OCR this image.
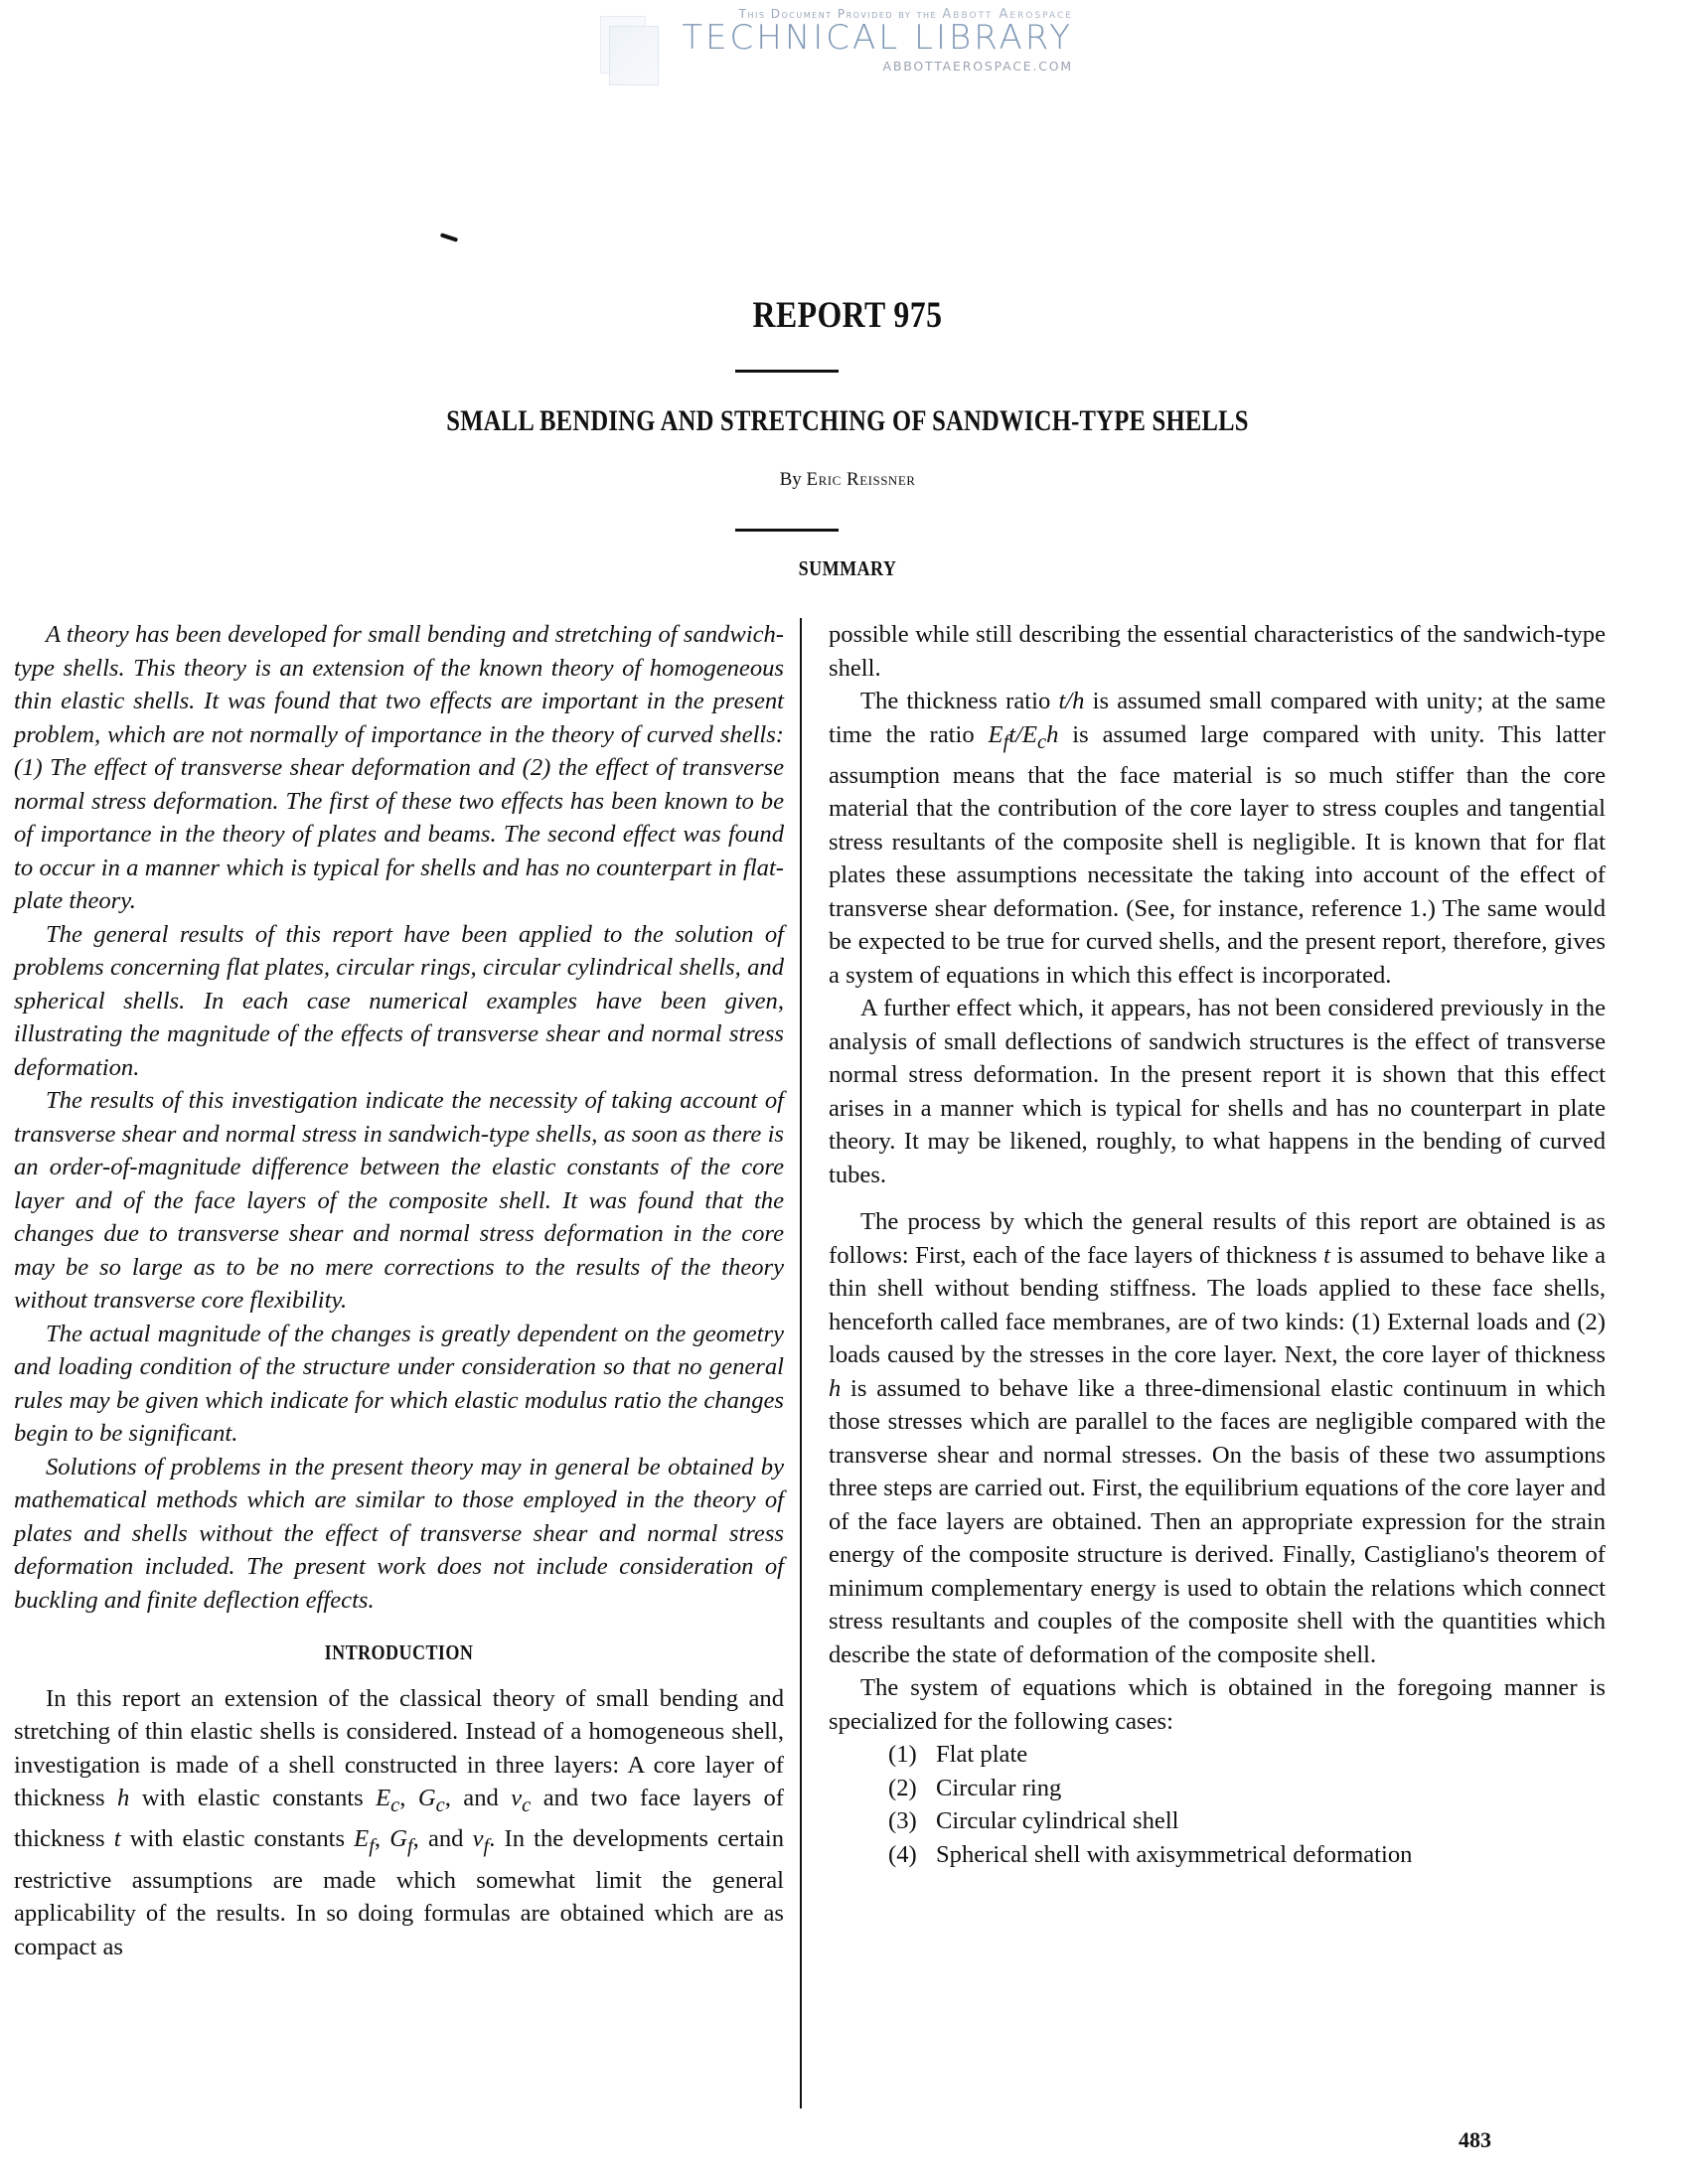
This Document Provided by the Abbott Aerospace
TECHNICAL LIBRARY
ABBOTTAEROSPACE.COM
REPORT 975
SMALL BENDING AND STRETCHING OF SANDWICH-TYPE SHELLS
By Eric Reissner
SUMMARY

A theory has been developed for small bending and stretching of sandwich-type shells. This theory is an extension of the known theory of homogeneous thin elastic shells. It was found that two effects are important in the present problem, which are not normally of importance in the theory of curved shells: (1) The effect of transverse shear deformation and (2) the effect of transverse normal stress deformation. The first of these two effects has been known to be of importance in the theory of plates and beams. The second effect was found to occur in a manner which is typical for shells and has no counterpart in flat-plate theory.

The general results of this report have been applied to the solution of problems concerning flat plates, circular rings, circular cylindrical shells, and spherical shells. In each case numerical examples have been given, illustrating the magnitude of the effects of transverse shear and normal stress deformation.

The results of this investigation indicate the necessity of taking account of transverse shear and normal stress in sandwich-type shells, as soon as there is an order-of-magnitude difference between the elastic constants of the core layer and of the face layers of the composite shell. It was found that the changes due to transverse shear and normal stress deformation in the core may be so large as to be no mere corrections to the results of the theory without transverse core flexibility.

The actual magnitude of the changes is greatly dependent on the geometry and loading condition of the structure under consideration so that no general rules may be given which indicate for which elastic modulus ratio the changes begin to be significant.

Solutions of problems in the present theory may in general be obtained by mathematical methods which are similar to those employed in the theory of plates and shells without the effect of transverse shear and normal stress deformation included. The present work does not include consideration of buckling and finite deflection effects.

INTRODUCTION

In this report an extension of the classical theory of small bending and stretching of thin elastic shells is considered. Instead of a homogeneous shell, investigation is made of a shell constructed in three layers: A core layer of thickness h with elastic constants $E_c$, $G_c$, and $\nu_c$ and two face layers of thickness t with elastic constants $E_f$, $G_f$, and $\nu_f$. In the developments certain restrictive assumptions are made which somewhat limit the general applicability of the results. In so doing formulas are obtained which are as compact as

possible while still describing the essential characteristics of the sandwich-type shell.

The thickness ratio t/h is assumed small compared with unity; at the same time the ratio $E_ft/E_ch$ is assumed large compared with unity. This latter assumption means that the face material is so much stiffer than the core material that the contribution of the core layer to stress couples and tangential stress resultants of the composite shell is negligible. It is known that for flat plates these assumptions necessitate the taking into account of the effect of transverse shear deformation. (See, for instance, reference 1.) The same would be expected to be true for curved shells, and the present report, therefore, gives a system of equations in which this effect is incorporated.

A further effect which, it appears, has not been considered previously in the analysis of small deflections of sandwich structures is the effect of transverse normal stress deformation. In the present report it is shown that this effect arises in a manner which is typical for shells and has no counterpart in plate theory. It may be likened, roughly, to what happens in the bending of curved tubes.

The process by which the general results of this report are obtained is as follows: First, each of the face layers of thickness t is assumed to behave like a thin shell without bending stiffness. The loads applied to these face shells, henceforth called face membranes, are of two kinds: (1) External loads and (2) loads caused by the stresses in the core layer. Next, the core layer of thickness h is assumed to behave like a three-dimensional elastic continuum in which those stresses which are parallel to the faces are negligible compared with the transverse shear and normal stresses. On the basis of these two assumptions three steps are carried out. First, the equilibrium equations of the core layer and of the face layers are obtained. Then an appropriate expression for the strain energy of the composite structure is derived. Finally, Castigliano's theorem of minimum complementary energy is used to obtain the relations which connect stress resultants and couples of the composite shell with the quantities which describe the state of deformation of the composite shell.

The system of equations which is obtained in the foregoing manner is specialized for the following cases:

(1) Flat plate
(2) Circular ring
(3) Circular cylindrical shell
(4) Spherical shell with axisymmetrical deformation
483
